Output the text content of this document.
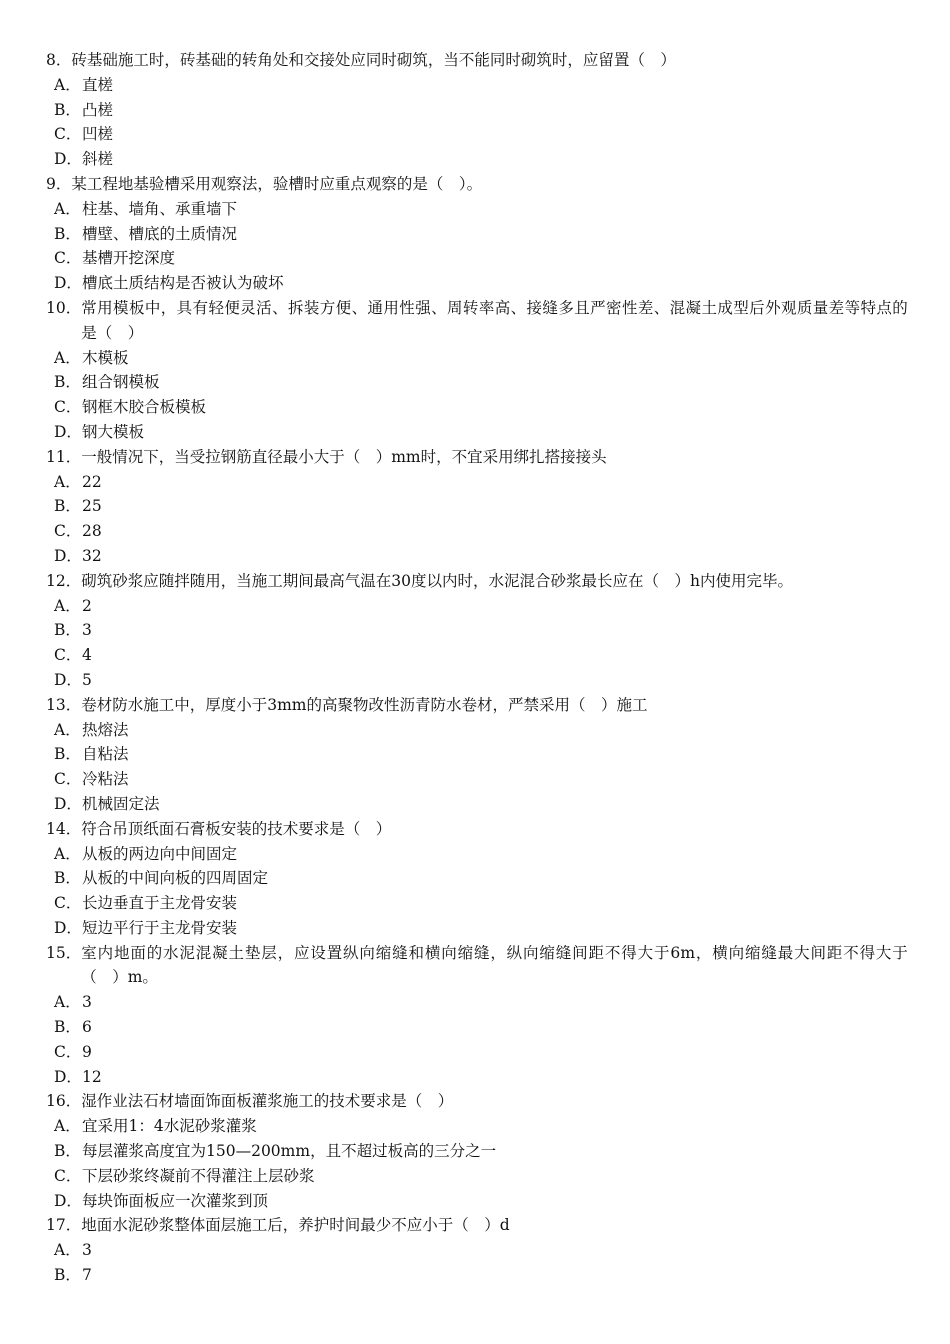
8． 砖基础施工时，砖基础的转角处和交接处应同时砌筑，当不能同时砌筑时，应留置（　）
A． 直槎
B． 凸槎
C． 凹槎
D． 斜槎
9． 某工程地基验槽采用观察法，验槽时应重点观察的是（　）。
A． 柱基、墙角、承重墙下
B． 槽壁、槽底的土质情况
C． 基槽开挖深度
D． 槽底土质结构是否被认为破坏
10． 常用模板中，具有轻便灵活、拆装方便、通用性强、周转率高、接缝多且严密性差、混凝土成型后外观质量差等特点的
是（　）
A． 木模板
B． 组合钢模板
C． 钢框木胶合板模板
D． 钢大模板
11． 一般情况下，当受拉钢筋直径最小大于（　）mm时，不宜采用绑扎搭接接头
A． 22
B． 25
C． 28
D． 32
12． 砌筑砂浆应随拌随用，当施工期间最高气温在30度以内时，水泥混合砂浆最长应在（　）h内使用完毕。
A． 2
B． 3
C． 4
D． 5
13． 卷材防水施工中，厚度小于3mm的高聚物改性沥青防水卷材，严禁采用（　）施工
A． 热熔法
B． 自粘法
C． 冷粘法
D． 机械固定法
14． 符合吊顶纸面石膏板安装的技术要求是（　）
A． 从板的两边向中间固定
B． 从板的中间向板的四周固定
C． 长边垂直于主龙骨安装
D． 短边平行于主龙骨安装
15． 室内地面的水泥混凝土垫层，应设置纵向缩缝和横向缩缝，纵向缩缝间距不得大于6m，横向缩缝最大间距不得大于
（　）m。
A． 3
B． 6
C． 9
D． 12
16． 湿作业法石材墙面饰面板灌浆施工的技术要求是（　）
A． 宜采用1：4水泥砂浆灌浆
B． 每层灌浆高度宜为150—200mm，且不超过板高的三分之一
C． 下层砂浆终凝前不得灌注上层砂浆
D． 每块饰面板应一次灌浆到顶
17． 地面水泥砂浆整体面层施工后，养护时间最少不应小于（　）d
A． 3
B． 7
